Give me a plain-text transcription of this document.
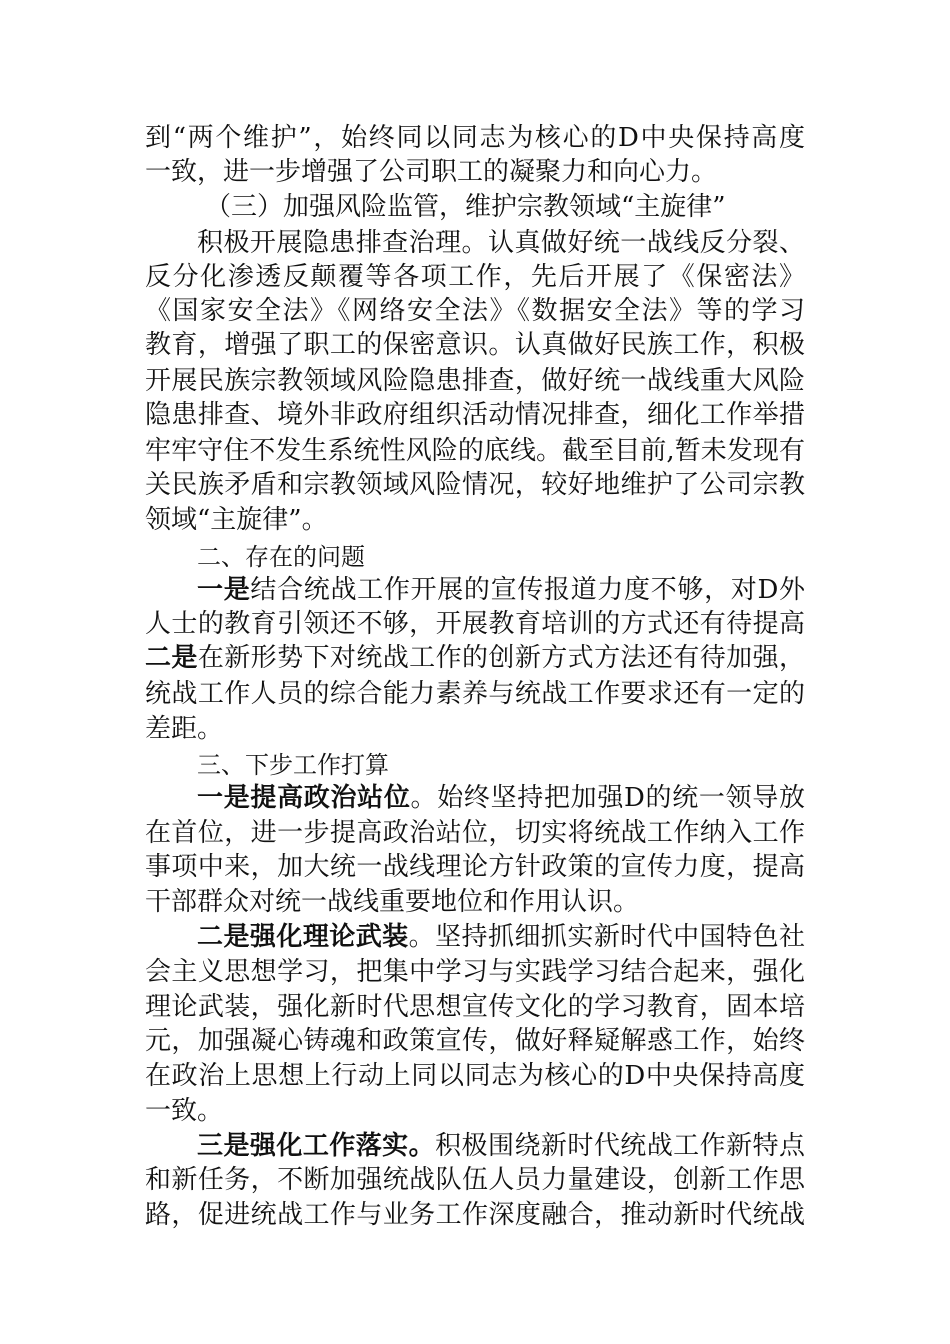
到“两个维护”，始终同以同志为核心的D中央保持高度
一致，进一步增强了公司职工的凝聚力和向心力。
（三）加强风险监管，维护宗教领域“主旋律”
积极开展隐患排查治理。认真做好统一战线反分裂、
反分化渗透反颠覆等各项工作，先后开展了《保密法》
《国家安全法》《网络安全法》《数据安全法》等的学习
教育，增强了职工的保密意识。认真做好民族工作，积极
开展民族宗教领域风险隐患排查，做好统一战线重大风险
隐患排查、境外非政府组织活动情况排查，细化工作举措
牢牢守住不发生系统性风险的底线。截至目前,暂未发现有
关民族矛盾和宗教领域风险情况，较好地维护了公司宗教
领域“主旋律”。
二、存在的问题
一是结合统战工作开展的宣传报道力度不够，对D外
人士的教育引领还不够，开展教育培训的方式还有待提高
二是在新形势下对统战工作的创新方式方法还有待加强，
统战工作人员的综合能力素养与统战工作要求还有一定的
差距。
三、下步工作打算
一是提高政治站位。始终坚持把加强D的统一领导放
在首位，进一步提高政治站位，切实将统战工作纳入工作
事项中来，加大统一战线理论方针政策的宣传力度，提高
干部群众对统一战线重要地位和作用认识。
二是强化理论武装。坚持抓细抓实新时代中国特色社
会主义思想学习，把集中学习与实践学习结合起来，强化
理论武装，强化新时代思想宣传文化的学习教育，固本培
元，加强凝心铸魂和政策宣传，做好释疑解惑工作，始终
在政治上思想上行动上同以同志为核心的D中央保持高度
一致。
三是强化工作落实。积极围绕新时代统战工作新特点
和新任务，不断加强统战队伍人员力量建设，创新工作思
路，促进统战工作与业务工作深度融合，推动新时代统战
